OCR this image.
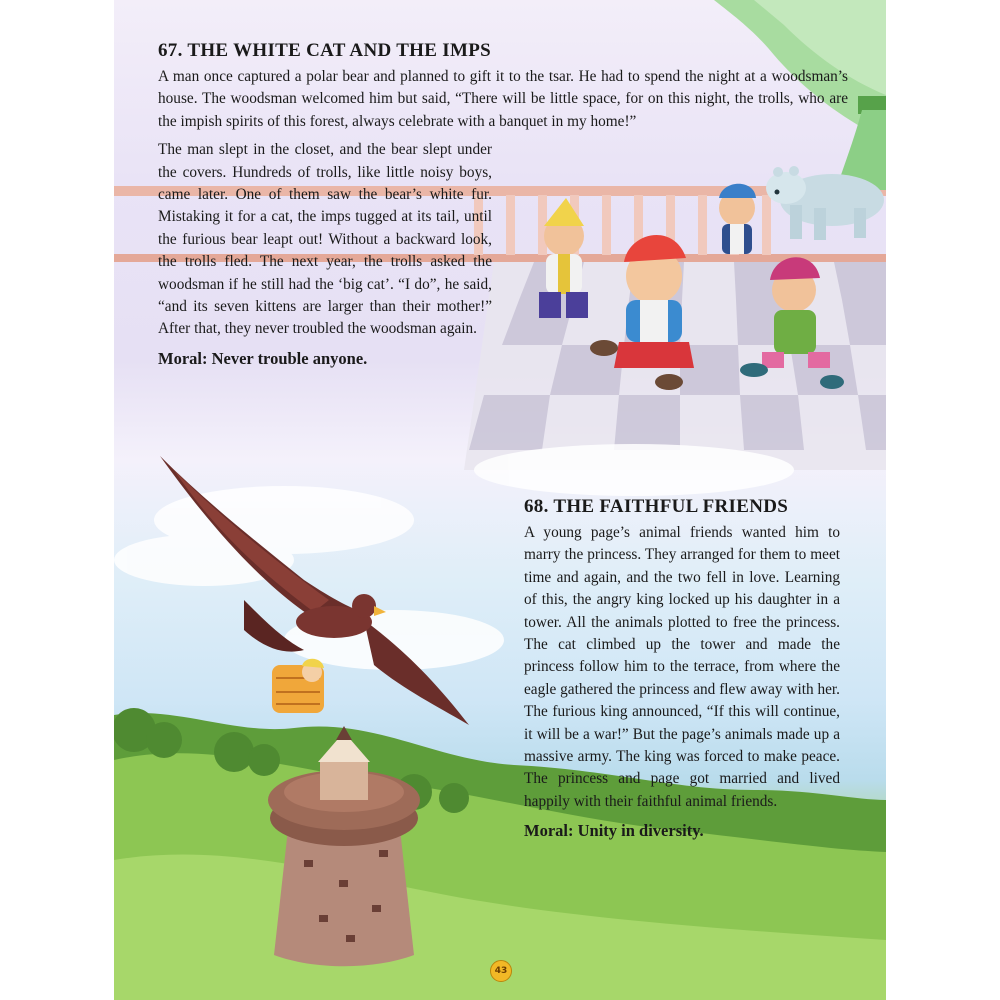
67. THE WHITE CAT AND THE IMPS

A man once captured a polar bear and planned to gift it to the tsar. He had to spend the night at a woodsman’s house. The woodsman welcomed him but said, “There will be little space, for on this night, the trolls, who are the impish spirits of this forest, always celebrate with a banquet in my home!”

The man slept in the closet, and the bear slept under the covers. Hundreds of trolls, like little noisy boys, came later. One of them saw the bear’s white fur. Mistaking it for a cat, the imps tugged at its tail, until the furious bear leapt out! Without a backward look, the trolls fled. The next year, the trolls asked the woodsman if he still had the ‘big cat’. “I do”, he said, “and its seven kittens are larger than their mother!” After that, they never troubled the woodsman again.

Moral: Never trouble anyone.
68. THE FAITHFUL FRIENDS

A young page’s animal friends wanted him to marry the princess. They arranged for them to meet time and again, and the two fell in love. Learning of this, the angry king locked up his daughter in a tower. All the animals plotted to free the princess. The cat climbed up the tower and made the princess follow him to the terrace, from where the eagle gathered the princess and flew away with her. The furious king announced, “If this will continue, it will be a war!” But the page’s animals made up a massive army. The king was forced to make peace. The princess and page got married and lived happily with their faithful animal friends.

Moral: Unity in diversity.
43
